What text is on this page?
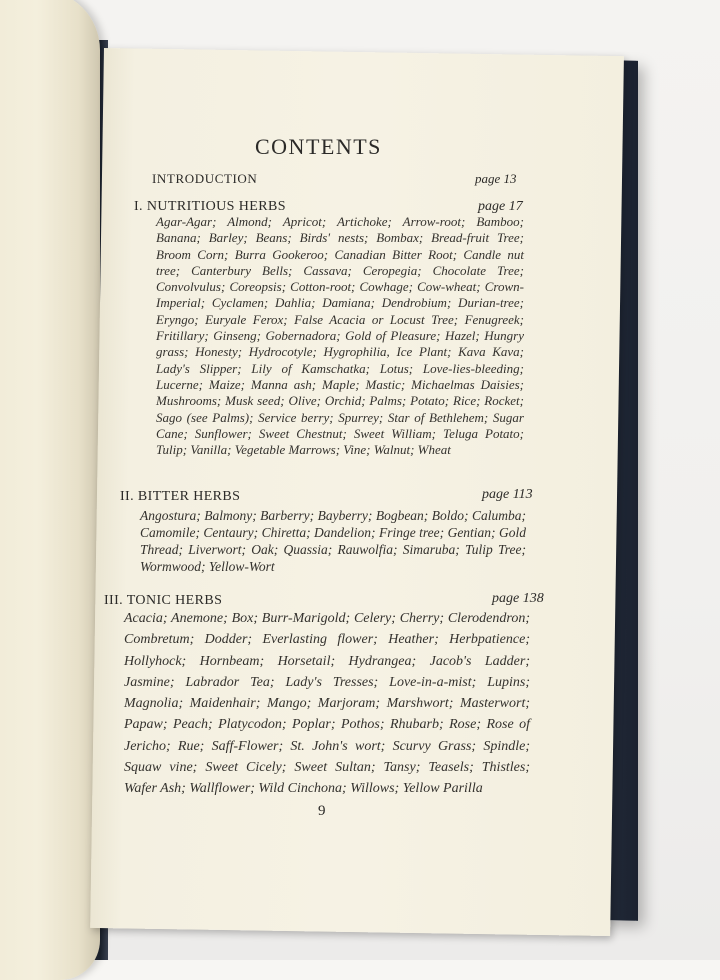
CONTENTS
INTRODUCTION	page 13
I. NUTRITIOUS HERBS	page 17
Agar-Agar; Almond; Apricot; Artichoke; Arrow-root; Bamboo; Banana; Barley; Beans; Birds' nests; Bombax; Bread-fruit Tree; Broom Corn; Burra Gookeroo; Canadian Bitter Root; Candle nut tree; Canterbury Bells; Cassava; Ceropegia; Chocolate Tree; Convolvulus; Coreopsis; Cotton-root; Cowhage; Cow-wheat; Crown-Imperial; Cyclamen; Dahlia; Damiana; Dendrobium; Durian-tree; Eryngo; Euryale Ferox; False Acacia or Locust Tree; Fenugreek; Fritillary; Ginseng; Gobernadora; Gold of Pleasure; Hazel; Hungry grass; Honesty; Hydrocotyle; Hygrophilia, Ice Plant; Kava Kava; Lady's Slipper; Lily of Kamschatka; Lotus; Love-lies-bleeding; Lucerne; Maize; Manna ash; Maple; Mastic; Michaelmas Daisies; Mushrooms; Musk seed; Olive; Orchid; Palms; Potato; Rice; Rocket; Sago (see Palms); Service berry; Spurrey; Star of Bethlehem; Sugar Cane; Sunflower; Sweet Chestnut; Sweet William; Teluga Potato; Tulip; Vanilla; Vegetable Marrows; Vine; Walnut; Wheat
II. BITTER HERBS	page 113
Angostura; Balmony; Barberry; Bayberry; Bogbean; Boldo; Calumba; Camomile; Centaury; Chiretta; Dandelion; Fringe tree; Gentian; Gold Thread; Liverwort; Oak; Quassia; Rauwolfia; Simaruba; Tulip Tree; Wormwood; Yellow-Wort
III. TONIC HERBS	page 138
Acacia; Anemone; Box; Burr-Marigold; Celery; Cherry; Clerodendron; Combretum; Dodder; Everlasting flower; Heather; Herbpatience; Hollyhock; Hornbeam; Horsetail; Hydrangea; Jacob's Ladder; Jasmine; Labrador Tea; Lady's Tresses; Love-in-a-mist; Lupins; Magnolia; Maidenhair; Mango; Marjoram; Marshwort; Masterwort; Papaw; Peach; Platycodon; Poplar; Pothos; Rhubarb; Rose; Rose of Jericho; Rue; Saff-Flower; St. John's wort; Scurvy Grass; Spindle; Squaw vine; Sweet Cicely; Sweet Sultan; Tansy; Teasels; Thistles; Wafer Ash; Wallflower; Wild Cinchona; Willows; Yellow Parilla
9
